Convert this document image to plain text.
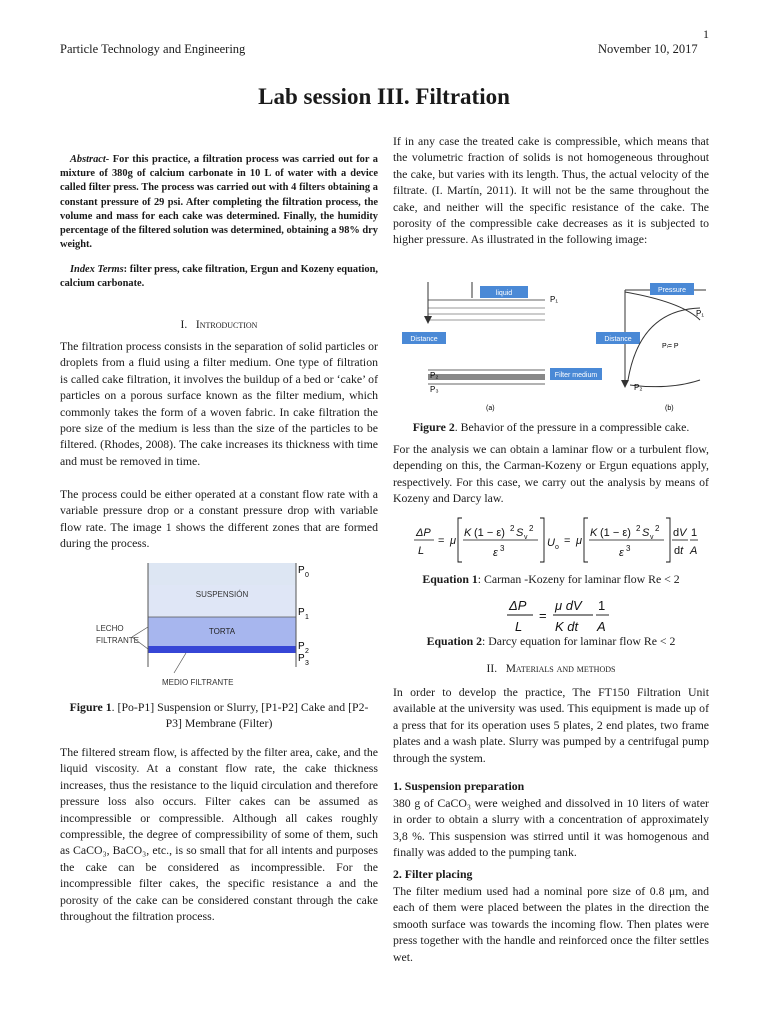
1
Particle Technology and Engineering	November 10, 2017
Lab session III. Filtration
Abstract- For this practice, a filtration process was carried out for a mixture of 380g of calcium carbonate in 10 L of water with a device called filter press. The process was carried out with 4 filters obtaining a constant pressure of 29 psi. After completing the filtration process, the volume and mass for each cake was determined. Finally, the humidity percentage of the filtered solution was determined, obtaining a 98% dry weight.
Index Terms: filter press, cake filtration, Ergun and Kozeny equation, calcium carbonate.
I. Introduction
The filtration process consists in the separation of solid particles or droplets from a fluid using a filter medium. One type of filtration is called cake filtration, it involves the buildup of a bed or ‘cake’ of particles on a porous surface known as the filter medium, which commonly takes the form of a woven fabric. In cake filtration the pore size of the medium is less than the size of the particles to be filtered. (Rhodes, 2008). The cake increases its thickness with time and must be removed in time.
The process could be either operated at a constant flow rate with a variable pressure drop or a constant pressure drop with variable flow rate. The image 1 shows the different zones that are formed during the process.
SUSPENSIÓN
TORTA
LECHO
FILTRANTE
MEDIO FILTRANTE
P 0
P 1
P 2
P 3
Figure 1. [Po-P1] Suspension or Slurry, [P1-P2] Cake and [P2-P3] Membrane (Filter)
The filtered stream flow, is affected by the filter area, cake, and the liquid viscosity. At a constant flow rate, the cake thickness increases, thus the resistance to the liquid circulation and therefore pressure loss also occurs. Filter cakes can be assumed as incompressible or compressible. Although all cakes roughly compressible, the degree of compressibility of some of them, such as CaCO₃, BaCO₃, etc., is so small that for all intents and purposes the cake can be considered as incompressible. For the incompressible filter cakes, the specific resistance a and the porosity of the cake can be considered constant through the cake throughout the filtration process.
If in any case the treated cake is compressible, which means that the volumetric fraction of solids is not homogeneous throughout the cake, but varies with its length. Thus, the actual velocity of the filtrate. (I. Martín, 2011). It will not be the same throughout the cake, and neither will the specific resistance of the cake. The porosity of the compressible cake decreases as it is subjected to higher pressure. As illustrated in the following image:
liquid
Distance
Filter medium
P₁
P₂
P₃
(a)
Pressure
Distance
Pₗ= P
P₁
P₂
(b)
Figure 2. Behavior of the pressure in a compressible cake.
For the analysis we can obtain a laminar flow or a turbulent flow, depending on this, the Carman-Kozeny or Ergun equations apply, respectively. For this case, we carry out the analysis by means of Kozeny and Darcy law.
ΔP
L
= μ
K (1 − ε) 2 S v
2
ε 3	U o
= μ
K (1 − ε) 2 S v
2
ε 3
dV
dt
1
A
Equation 1: Carman -Kozeny for laminar flow Re < 2
ΔP
L
=
μ dV
K dt
1
A
Equation 2: Darcy equation for laminar flow Re < 2
II. Materials and methods
In order to develop the practice, The FT150 Filtration Unit available at the university was used. This equipment is made up of a press that for its operation uses 5 plates, 2 end plates, two frame plates and a wash plate. Slurry was pumped by a centrifugal pump through the system.
1. Suspension preparation
380 g of CaCO₃ were weighed and dissolved in 10 liters of water in order to obtain a slurry with a concentration of approximately 3,8 %. This suspension was stirred until it was homogenous and finally was added to the pumping tank.
2. Filter placing
The filter medium used had a nominal pore size of 0.8 μm, and each of them were placed between the plates in the direction the smooth surface was towards the incoming flow. Then plates were press together with the handle and reinforced once the filter settles wet.
